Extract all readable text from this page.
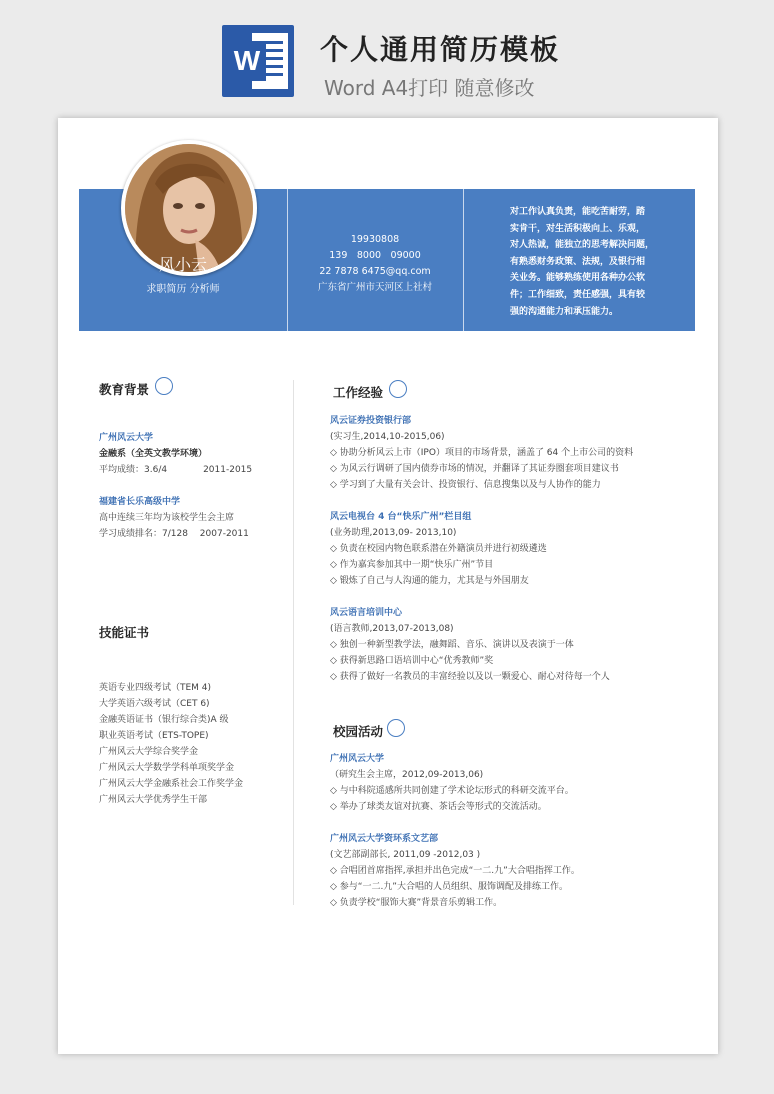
W 个人通用简历模板
Word A4打印 随意修改
风小云
求职简历 分析师
19930808
139　8000　09000
22 7878 6475@qq.com
广东省广州市天河区上社村
对工作认真负责，能吃苦耐劳，踏
实肯干，对生活积极向上、乐观，
对人热诚，能独立的思考解决问题，
有熟悉财务政策、法规，及银行相
关业务。能够熟练使用各种办公软
件；工作细致，责任感强，具有较
强的沟通能力和承压能力。
教育背景
广州风云大学
金融系（全英文教学环境）
平均成绩：3.6/4　　　　2011-2015
福建省长乐高级中学
高中连续三年均为该校学生会主席
学习成绩排名：7/128　 2007-2011
技能证书
英语专业四级考试（TEM 4)
大学英语六级考试（CET 6)
金融英语证书（银行综合类)A 级
职业英语考试（ETS-TOPE)
广州风云大学综合奖学金
广州风云大学数学学科单项奖学金
广州风云大学金融系社会工作奖学金
广州风云大学优秀学生干部
工作经验
风云证券投资银行部
(实习生,2014,10-2015,06)
◇ 协助分析风云上市（IPO）项目的市场背景，涵盖了 64 个上市公司的资料
◇ 为风云行调研了国内债券市场的情况，并翻译了其证券圈套项目建议书
◇ 学习到了大量有关会计、投资银行、信息搜集以及与人协作的能力
风云电视台 4 台“快乐广州”栏目组
(业务助理,2013,09- 2013,10)
◇ 负责在校园内物色联系潜在外籍演员并进行初级遴选
◇ 作为嘉宾参加其中一期“快乐广州”节目
◇ 锻炼了自己与人沟通的能力，尤其是与外国朋友
风云语言培训中心
(语言教师,2013,07-2013,08)
◇ 独创一种新型教学法，融舞蹈、音乐、演讲以及表演于一体
◇ 获得新思路口语培训中心“优秀教师”奖
◇ 获得了做好一名教员的丰富经验以及以一颗爱心、耐心对待每一个人
校园活动
广州风云大学
（研究生会主席，2012,09-2013,06)
◇ 与中科院遥感所共同创建了学术论坛形式的科研交流平台。
◇ 举办了球类友谊对抗赛、茶话会等形式的交流活动。
广州风云大学资环系文艺部
(文艺部副部长, 2011,09 -2012,03 )
◇ 合唱团首席指挥,承担并出色完成“一二.九”大合唱指挥工作。
◇ 参与“一二.九”大合唱的人员组织、服饰调配及排练工作。
◇ 负责学校“服饰大赛”背景音乐剪辑工作。
